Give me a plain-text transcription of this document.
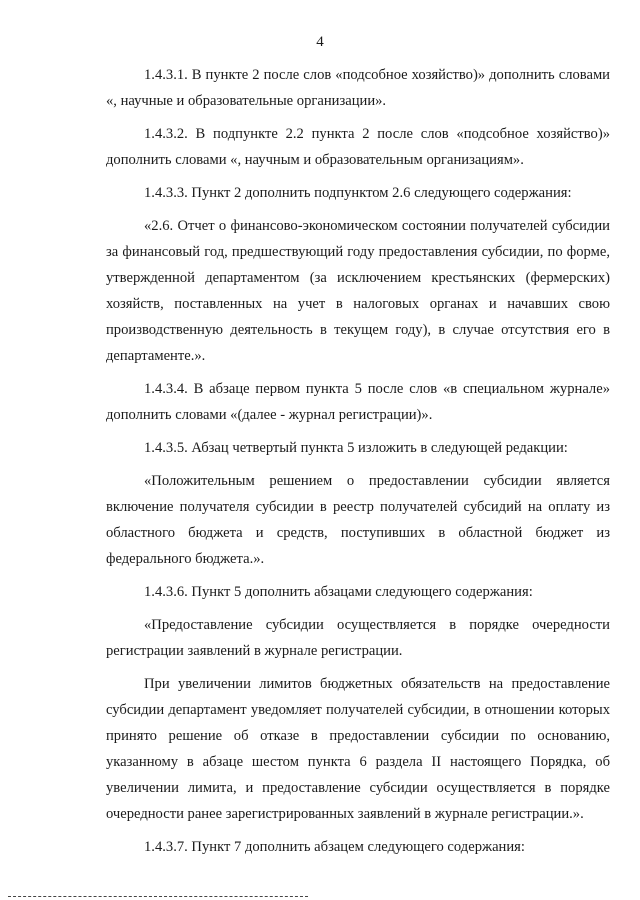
4

1.4.3.1. В пункте 2 после слов «подсобное хозяйство)» дополнить словами «, научные и образовательные организации».

1.4.3.2. В подпункте 2.2 пункта 2 после слов «подсобное хозяйство)» дополнить словами «, научным и образовательным организациям».

1.4.3.3. Пункт 2 дополнить подпунктом 2.6 следующего содержания:

«2.6. Отчет о финансово-экономическом состоянии получателей субсидии за финансовый год, предшествующий году предоставления субсидии, по форме, утвержденной департаментом (за исключением крестьянских (фермерских) хозяйств, поставленных на учет в налоговых органах и начавших свою производственную деятельность в текущем году), в случае отсутствия его в департаменте.».

1.4.3.4. В абзаце первом пункта 5 после слов «в специальном журнале» дополнить словами «(далее - журнал регистрации)».

1.4.3.5. Абзац четвертый пункта 5 изложить в следующей редакции:

«Положительным решением о предоставлении субсидии является включение получателя субсидии в реестр получателей субсидий на оплату из областного бюджета и средств, поступивших в областной бюджет из федерального бюджета.».

1.4.3.6. Пункт 5 дополнить абзацами следующего содержания:

«Предоставление субсидии осуществляется в порядке очередности регистрации заявлений в журнале регистрации.

При увеличении лимитов бюджетных обязательств на предоставление субсидии департамент уведомляет получателей субсидии, в отношении которых принято решение об отказе в предоставлении субсидии по основанию, указанному в абзаце шестом пункта 6 раздела II настоящего Порядка, об увеличении лимита, и предоставление субсидии осуществляется в порядке очередности ранее зарегистрированных заявлений в журнале регистрации.».

1.4.3.7. Пункт 7 дополнить абзацем следующего содержания:
